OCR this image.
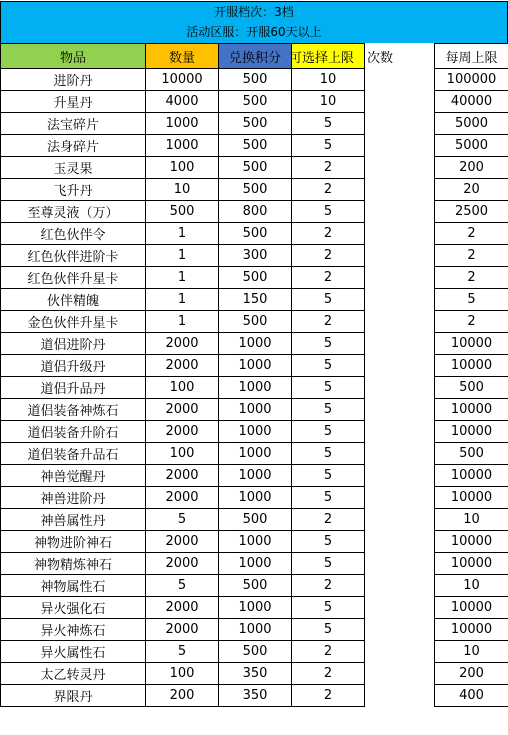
开服档次：3档
活动区服：开服60天以上
物品	数量	兑换积分	可选择上限	次数	每周上限
进阶丹	10000	500	10		100000
升星丹	4000	500	10		40000
法宝碎片	1000	500	5		5000
法身碎片	1000	500	5		5000
玉灵果	100	500	2		200
飞升丹	10	500	2		20
至尊灵液（万）	500	800	5		2500
红色伙伴令	1	500	2		2
红色伙伴进阶卡	1	300	2		2
红色伙伴升星卡	1	500	2		2
伙伴精魄	1	150	5		5
金色伙伴升星卡	1	500	2		2
道侣进阶丹	2000	1000	5		10000
道侣升级丹	2000	1000	5		10000
道侣升品丹	100	1000	5		500
道侣装备神炼石	2000	1000	5		10000
道侣装备升阶石	2000	1000	5		10000
道侣装备升品石	100	1000	5		500
神兽觉醒丹	2000	1000	5		10000
神兽进阶丹	2000	1000	5		10000
神兽属性丹	5	500	2		10
神物进阶神石	2000	1000	5		10000
神物精炼神石	2000	1000	5		10000
神物属性石	5	500	2		10
异火强化石	2000	1000	5		10000
异火神炼石	2000	1000	5		10000
异火属性石	5	500	2		10
太乙转灵丹	100	350	2		200
界限丹	200	350	2		400
